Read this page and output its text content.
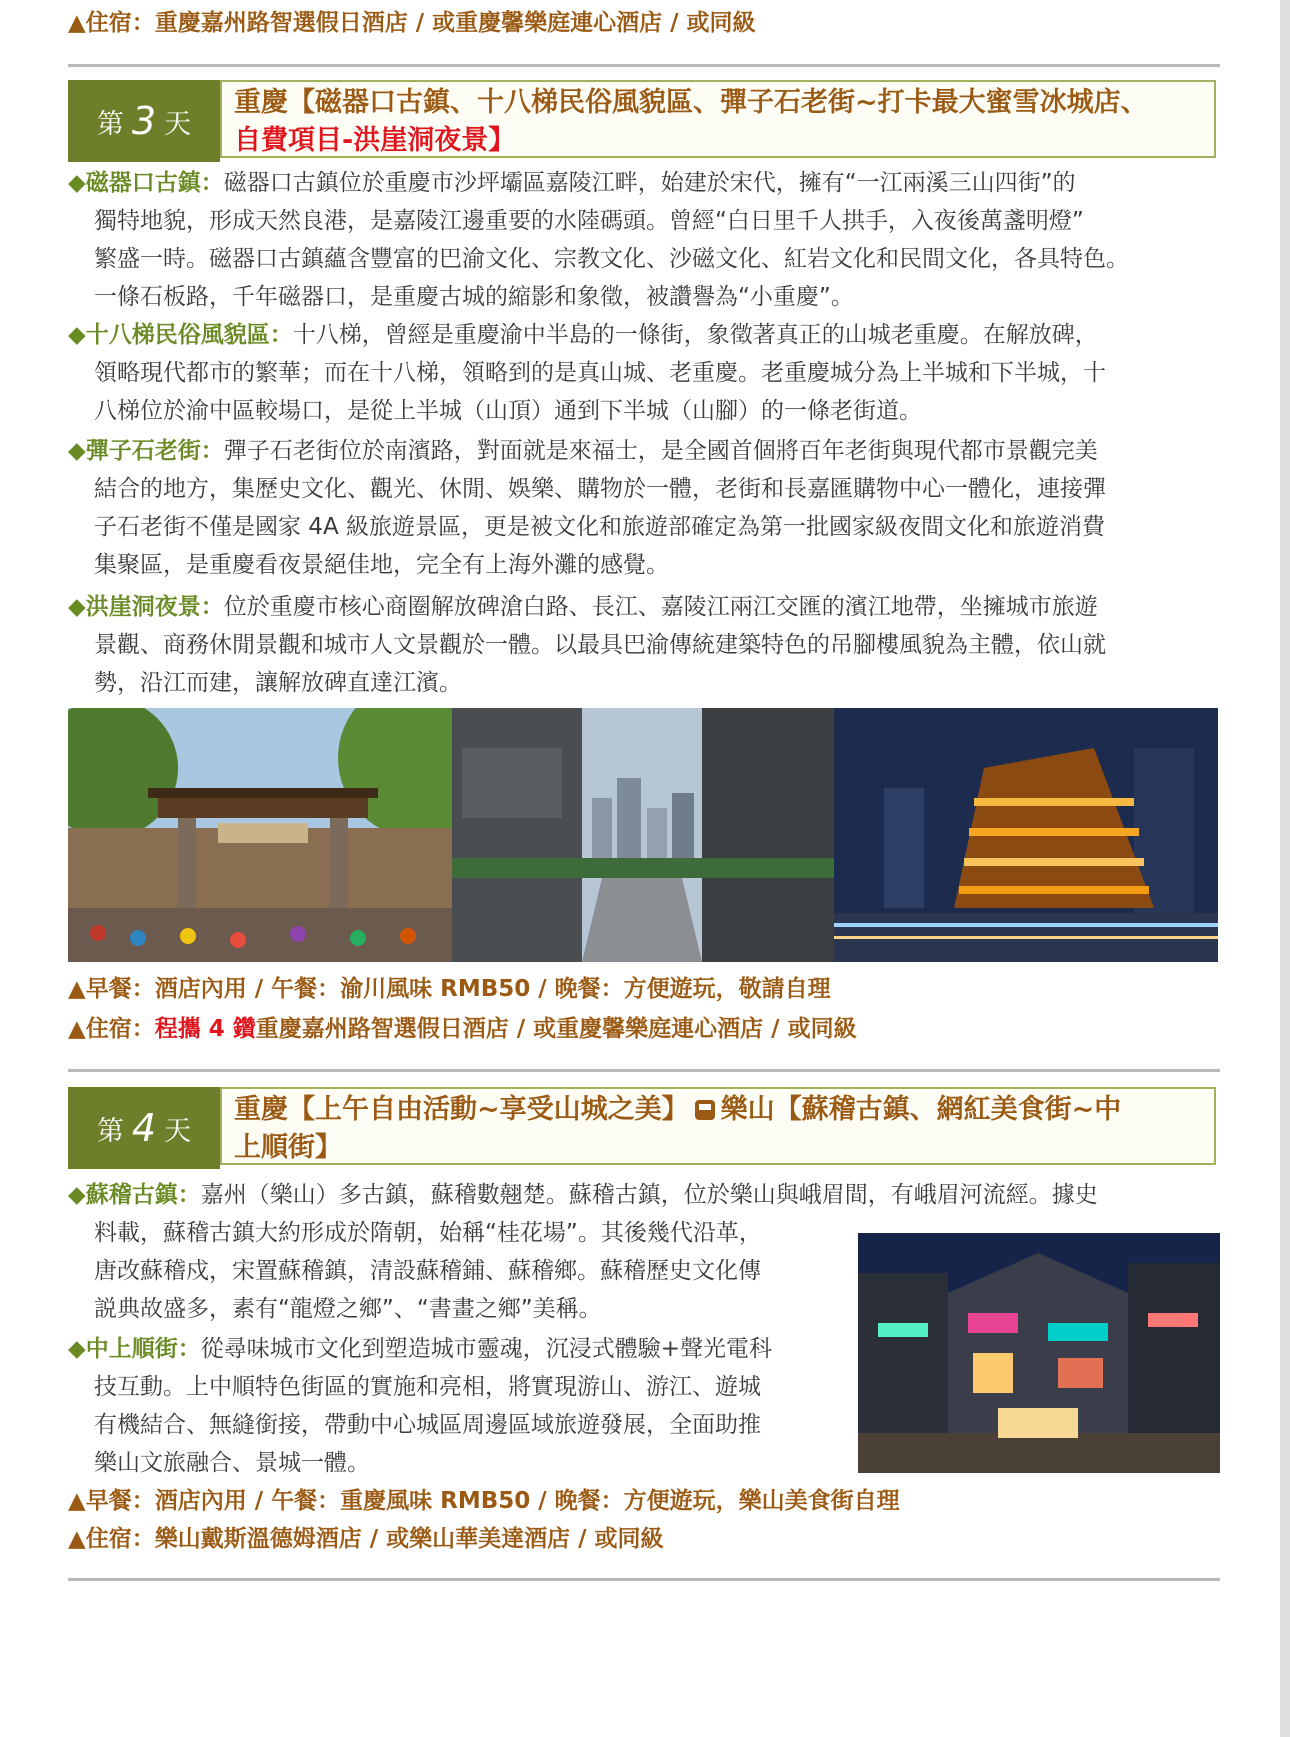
▲住宿：重慶嘉州路智選假日酒店 / 或重慶馨樂庭連心酒店 / 或同級
第 3 天
重慶【磁器口古鎮、十八梯民俗風貌區、彈子石老街~打卡最大蜜雪冰城店、
自費項目-洪崖洞夜景】
◆磁器口古鎮：磁器口古鎮位於重慶市沙坪壩區嘉陵江畔，始建於宋代，擁有“一江兩溪三山四街”的
獨特地貌，形成天然良港，是嘉陵江邊重要的水陸碼頭。曾經“白日里千人拱手，入夜後萬盞明燈”
繁盛一時。磁器口古鎮蘊含豐富的巴渝文化、宗教文化、沙磁文化、紅岩文化和民間文化，各具特色。
一條石板路，千年磁器口，是重慶古城的縮影和象徵，被讚譽為“小重慶”。
◆十八梯民俗風貌區：十八梯，曾經是重慶渝中半島的一條街，象徵著真正的山城老重慶。在解放碑，
領略現代都市的繁華；而在十八梯，領略到的是真山城、老重慶。老重慶城分為上半城和下半城，十
八梯位於渝中區較場口，是從上半城（山頂）通到下半城（山腳）的一條老街道。
◆彈子石老街：彈子石老街位於南濱路，對面就是來福士，是全國首個將百年老街與現代都市景觀完美
結合的地方，集歷史文化、觀光、休閒、娛樂、購物於一體，老街和長嘉匯購物中心一體化，連接彈
子石老街不僅是國家 4A 級旅遊景區，更是被文化和旅遊部確定為第一批國家級夜間文化和旅遊消費
集聚區，是重慶看夜景絕佳地，完全有上海外灘的感覺。
◆洪崖洞夜景：位於重慶市核心商圈解放碑滄白路、長江、嘉陵江兩江交匯的濱江地帶，坐擁城市旅遊
景觀、商務休閒景觀和城市人文景觀於一體。以最具巴渝傳統建築特色的吊腳樓風貌為主體，依山就
勢，沿江而建，讓解放碑直達江濱。
▲早餐：酒店內用 / 午餐：渝川風味 RMB50 / 晚餐：方便遊玩，敬請自理
▲住宿：程攜 4 鑽重慶嘉州路智選假日酒店 / 或重慶馨樂庭連心酒店 / 或同級
第 4 天
重慶【上午自由活動~享受山城之美】 樂山【蘇稽古鎮、網紅美食街~中
上順街】
◆蘇稽古鎮：嘉州（樂山）多古鎮，蘇稽數翹楚。蘇稽古鎮，位於樂山與峨眉間，有峨眉河流經。據史
料載，蘇稽古鎮大約形成於隋朝，始稱“桂花場”。其後幾代沿革，
唐改蘇稽戍，宋置蘇稽鎮，清設蘇稽鋪、蘇稽鄉。蘇稽歷史文化傳
説典故盛多，素有“龍燈之鄉”、“書畫之鄉”美稱。
◆中上順街：從尋味城市文化到塑造城市靈魂，沉浸式體驗+聲光電科
技互動。上中順特色街區的實施和亮相，將實現游山、游江、遊城
有機結合、無縫銜接，帶動中心城區周邊區域旅遊發展，全面助推
樂山文旅融合、景城一體。
▲早餐：酒店內用 / 午餐：重慶風味 RMB50 / 晚餐：方便遊玩，樂山美食街自理
▲住宿：樂山戴斯溫德姆酒店 / 或樂山華美達酒店 / 或同級
